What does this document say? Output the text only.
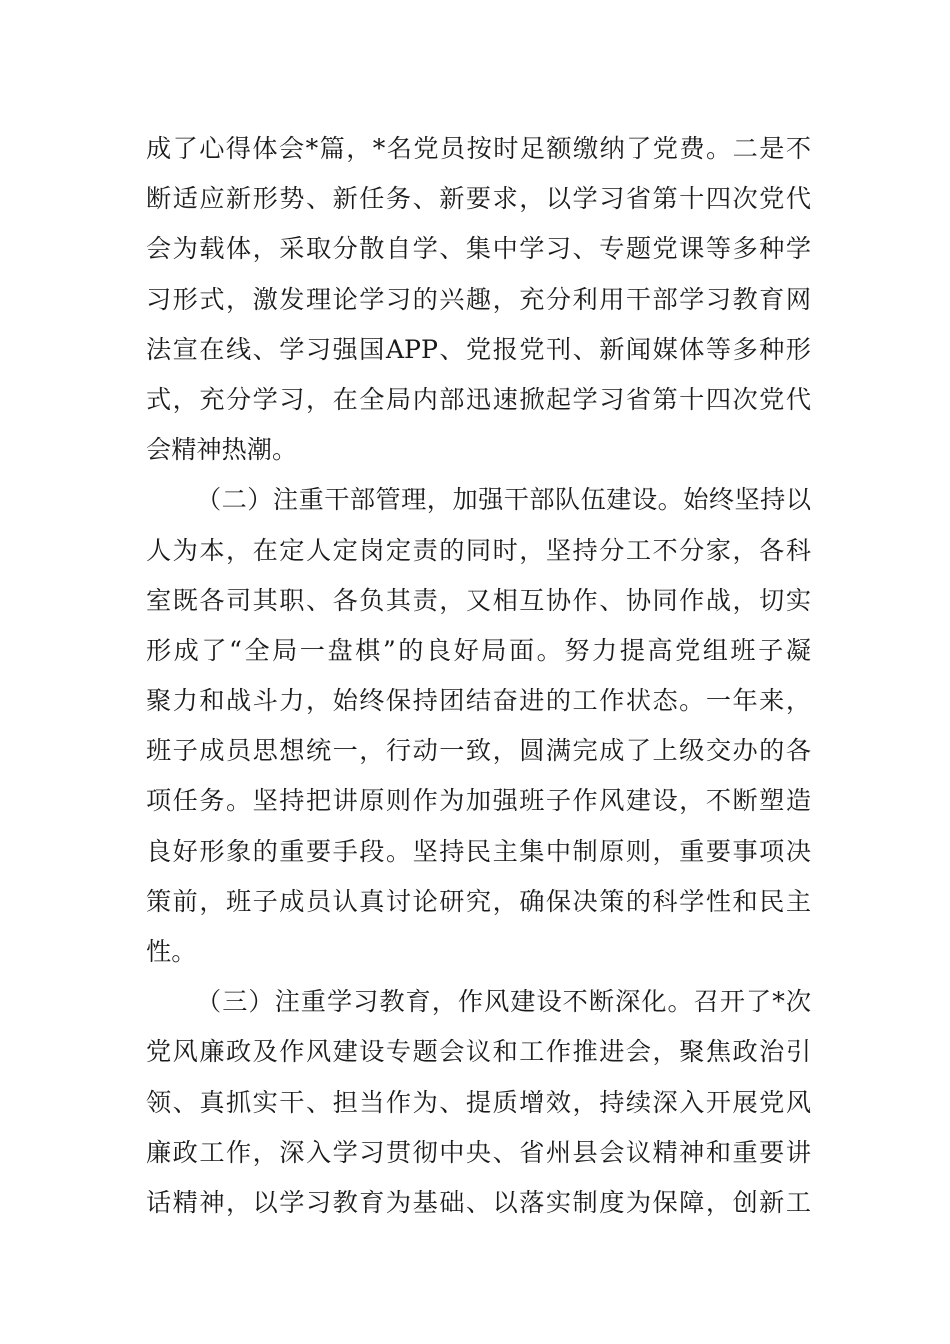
成了心得体会*篇，*名党员按时足额缴纳了党费。二是不
断适应新形势、新任务、新要求，以学习省第十四次党代
会为载体，采取分散自学、集中学习、专题党课等多种学
习形式，激发理论学习的兴趣，充分利用干部学习教育网
法宣在线、学习强国APP、党报党刊、新闻媒体等多种形
式，充分学习，在全局内部迅速掀起学习省第十四次党代
会精神热潮。
（二）注重干部管理，加强干部队伍建设。始终坚持以
人为本，在定人定岗定责的同时，坚持分工不分家，各科
室既各司其职、各负其责，又相互协作、协同作战，切实
形成了“全局一盘棋”的良好局面。努力提高党组班子凝
聚力和战斗力，始终保持团结奋进的工作状态。一年来，
班子成员思想统一，行动一致，圆满完成了上级交办的各
项任务。坚持把讲原则作为加强班子作风建设，不断塑造
良好形象的重要手段。坚持民主集中制原则，重要事项决
策前，班子成员认真讨论研究，确保决策的科学性和民主
性。
（三）注重学习教育，作风建设不断深化。召开了*次
党风廉政及作风建设专题会议和工作推进会，聚焦政治引
领、真抓实干、担当作为、提质增效，持续深入开展党风
廉政工作，深入学习贯彻中央、省州县会议精神和重要讲
话精神，以学习教育为基础、以落实制度为保障，创新工
